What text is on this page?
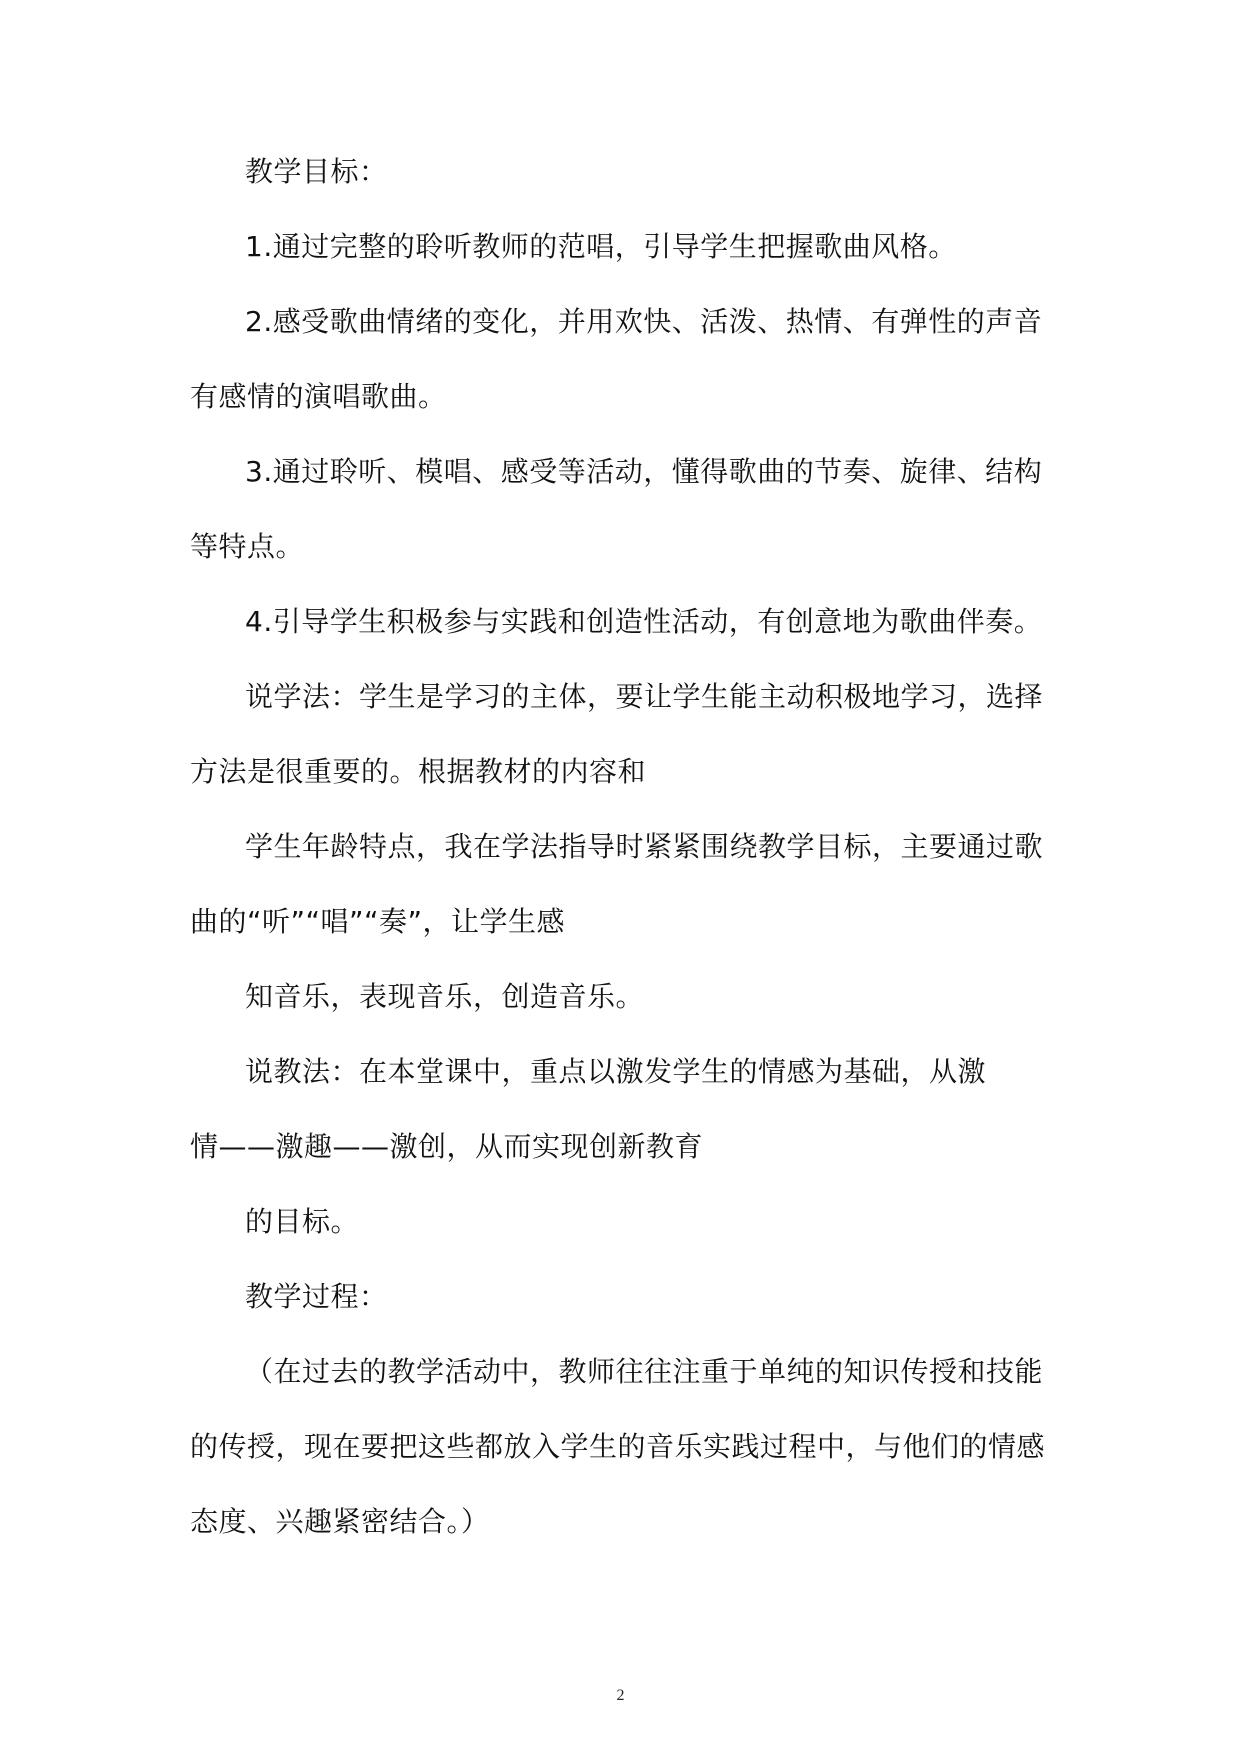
教学目标：
1.通过完整的聆听教师的范唱，引导学生把握歌曲风格。
2.感受歌曲情绪的变化，并用欢快、活泼、热情、有弹性的声音
有感情的演唱歌曲。
3.通过聆听、模唱、感受等活动，懂得歌曲的节奏、旋律、结构
等特点。
4.引导学生积极参与实践和创造性活动，有创意地为歌曲伴奏。
说学法：学生是学习的主体，要让学生能主动积极地学习，选择
方法是很重要的。根据教材的内容和
学生年龄特点，我在学法指导时紧紧围绕教学目标，主要通过歌
曲的“听”“唱”“奏”，让学生感
知音乐，表现音乐，创造音乐。
说教法：在本堂课中，重点以激发学生的情感为基础，从激
情——激趣——激创，从而实现创新教育
的目标。
教学过程：
（在过去的教学活动中，教师往往注重于单纯的知识传授和技能
的传授，现在要把这些都放入学生的音乐实践过程中，与他们的情感
态度、兴趣紧密结合。）
2
